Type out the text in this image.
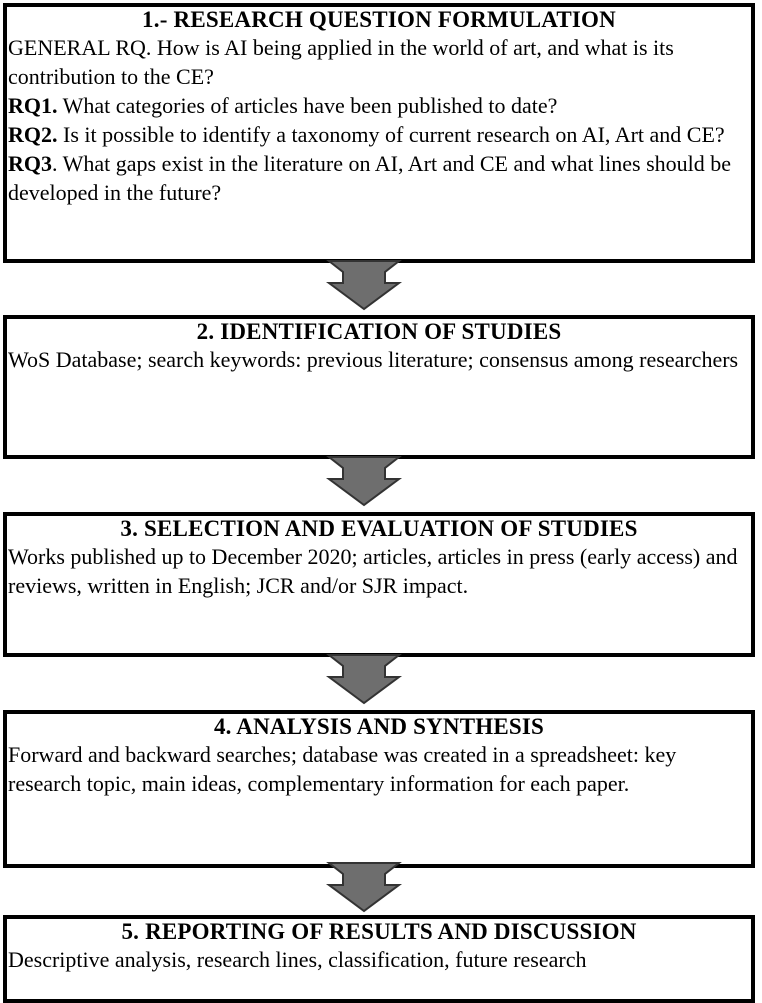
1.- RESEARCH QUESTION FORMULATION

GENERAL RQ. How is AI being applied in the world of art, and what is its contribution to the CE?

RQ1. What categories of articles have been published to date?

RQ2. Is it possible to identify a taxonomy of current research on AI, Art and CE?

RQ3. What gaps exist in the literature on AI, Art and CE and what lines should be developed in the future?

2. IDENTIFICATION OF STUDIES

WoS Database; search keywords: previous literature; consensus among researchers

3. SELECTION AND EVALUATION OF STUDIES

Works published up to December 2020; articles, articles in press (early access) and reviews, written in English; JCR and/or SJR impact.

4. ANALYSIS AND SYNTHESIS

Forward and backward searches; database was created in a spreadsheet: key research topic, main ideas, complementary information for each paper.

5. REPORTING OF RESULTS AND DISCUSSION

Descriptive analysis, research lines, classification, future research
